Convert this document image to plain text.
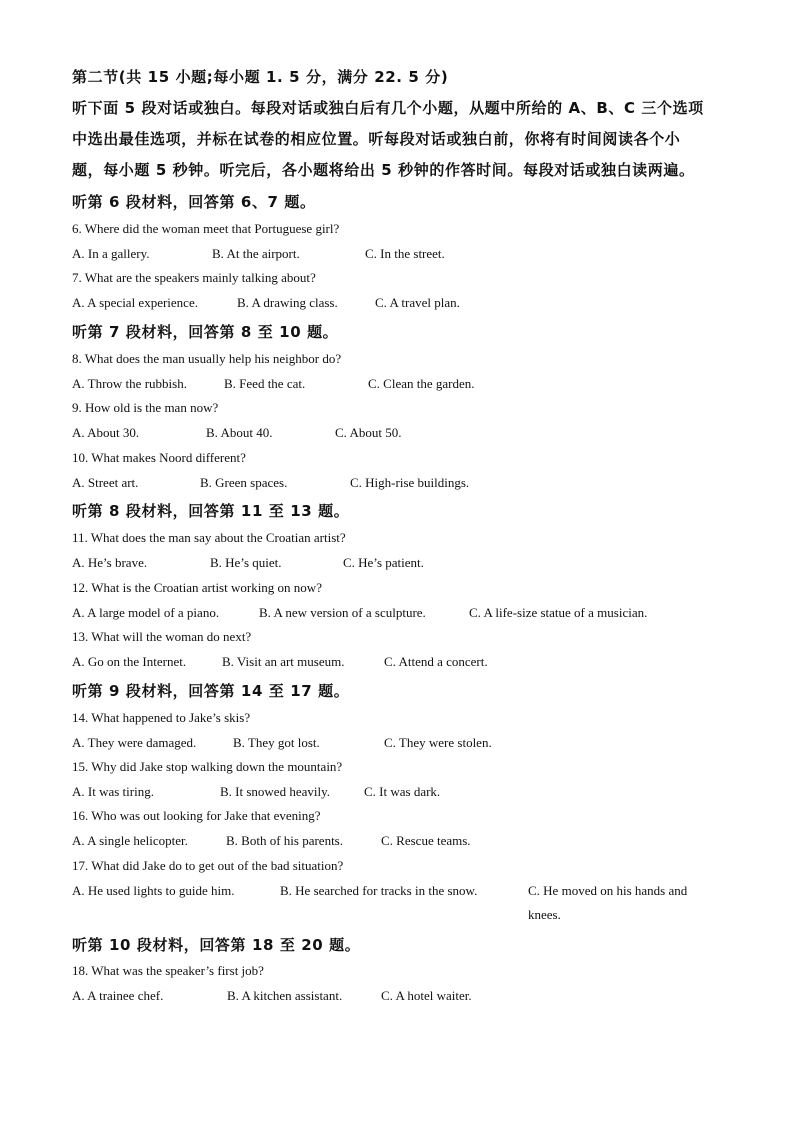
第二节(共 15 小题;每小题 1. 5 分，满分 22. 5 分)
听下面 5 段对话或独白。每段对话或独白后有几个小题，从题中所给的 A、B、C 三个选项
中选出最佳选项，并标在试卷的相应位置。听每段对话或独白前，你将有时间阅读各个小
题，每小题 5 秒钟。听完后，各小题将给出 5 秒钟的作答时间。每段对话或独白读两遍。
听第 6 段材料，回答第 6、7 题。
6. Where did the woman meet that Portuguese girl?
A. In a gallery.	B. At the airport.	C. In the street.
7. What are the speakers mainly talking about?
A. A special experience.	B. A drawing class.	C. A travel plan.
听第 7 段材料，回答第 8 至 10 题。
8. What does the man usually help his neighbor do?
A. Throw the rubbish.	B. Feed the cat.	C. Clean the garden.
9. How old is the man now?
A. About 30.	B. About 40.	C. About 50.
10. What makes Noord different?
A. Street art.	B. Green spaces.	C. High-rise buildings.
听第 8 段材料，回答第 11 至 13 题。
11. What does the man say about the Croatian artist?
A. He’s brave.	B. He’s quiet.	C. He’s patient.
12. What is the Croatian artist working on now?
A. A large model of a piano.	B. A new version of a sculpture.	C. A life-size statue of a musician.
13. What will the woman do next?
A. Go on the Internet.	B. Visit an art museum.	C. Attend a concert.
听第 9 段材料，回答第 14 至 17 题。
14. What happened to Jake’s skis?
A. They were damaged.	B. They got lost.	C. They were stolen.
15. Why did Jake stop walking down the mountain?
A. It was tiring.	B. It snowed heavily.	C. It was dark.
16. Who was out looking for Jake that evening?
A. A single helicopter.	B. Both of his parents.	C. Rescue teams.
17. What did Jake do to get out of the bad situation?
A. He used lights to guide him.	B. He searched for tracks in the snow.	C. He moved on his hands and knees.
听第 10 段材料，回答第 18 至 20 题。
18. What was the speaker’s first job?
A. A trainee chef.	B. A kitchen assistant.	C. A hotel waiter.
